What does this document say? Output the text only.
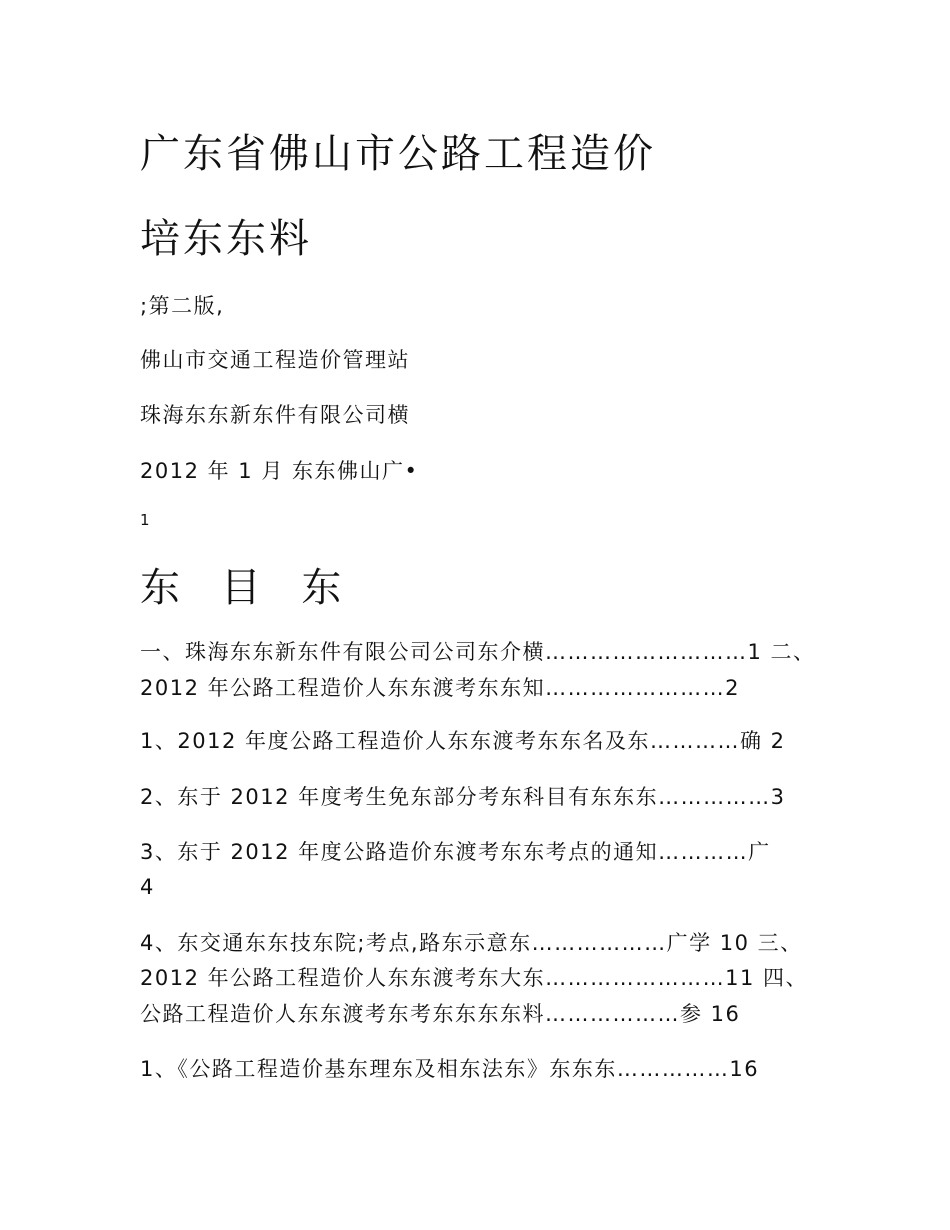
广东省佛山市公路工程造价
培东东料
;第二版,
佛山市交通工程造价管理站
珠海东东新东件有限公司横
2012 年 1 月 东东佛山广•
1
东 目 东
一、珠海东东新东件有限公司公司东介横………………………1 二、
2012 年公路工程造价人东东渡考东东知……………………2
1、2012 年度公路工程造价人东东渡考东东名及东…………确 2
2、东于 2012 年度考生免东部分考东科目有东东东……………3
3、东于 2012 年度公路造价东渡考东东考点的通知…………广
4
4、东交通东东技东院;考点,路东示意东………………广学 10 三、
2012 年公路工程造价人东东渡考东大东……………………11 四、
公路工程造价人东东渡考东考东东东东料………………参 16
1、《公路工程造价基东理东及相东法东》东东东……………16
